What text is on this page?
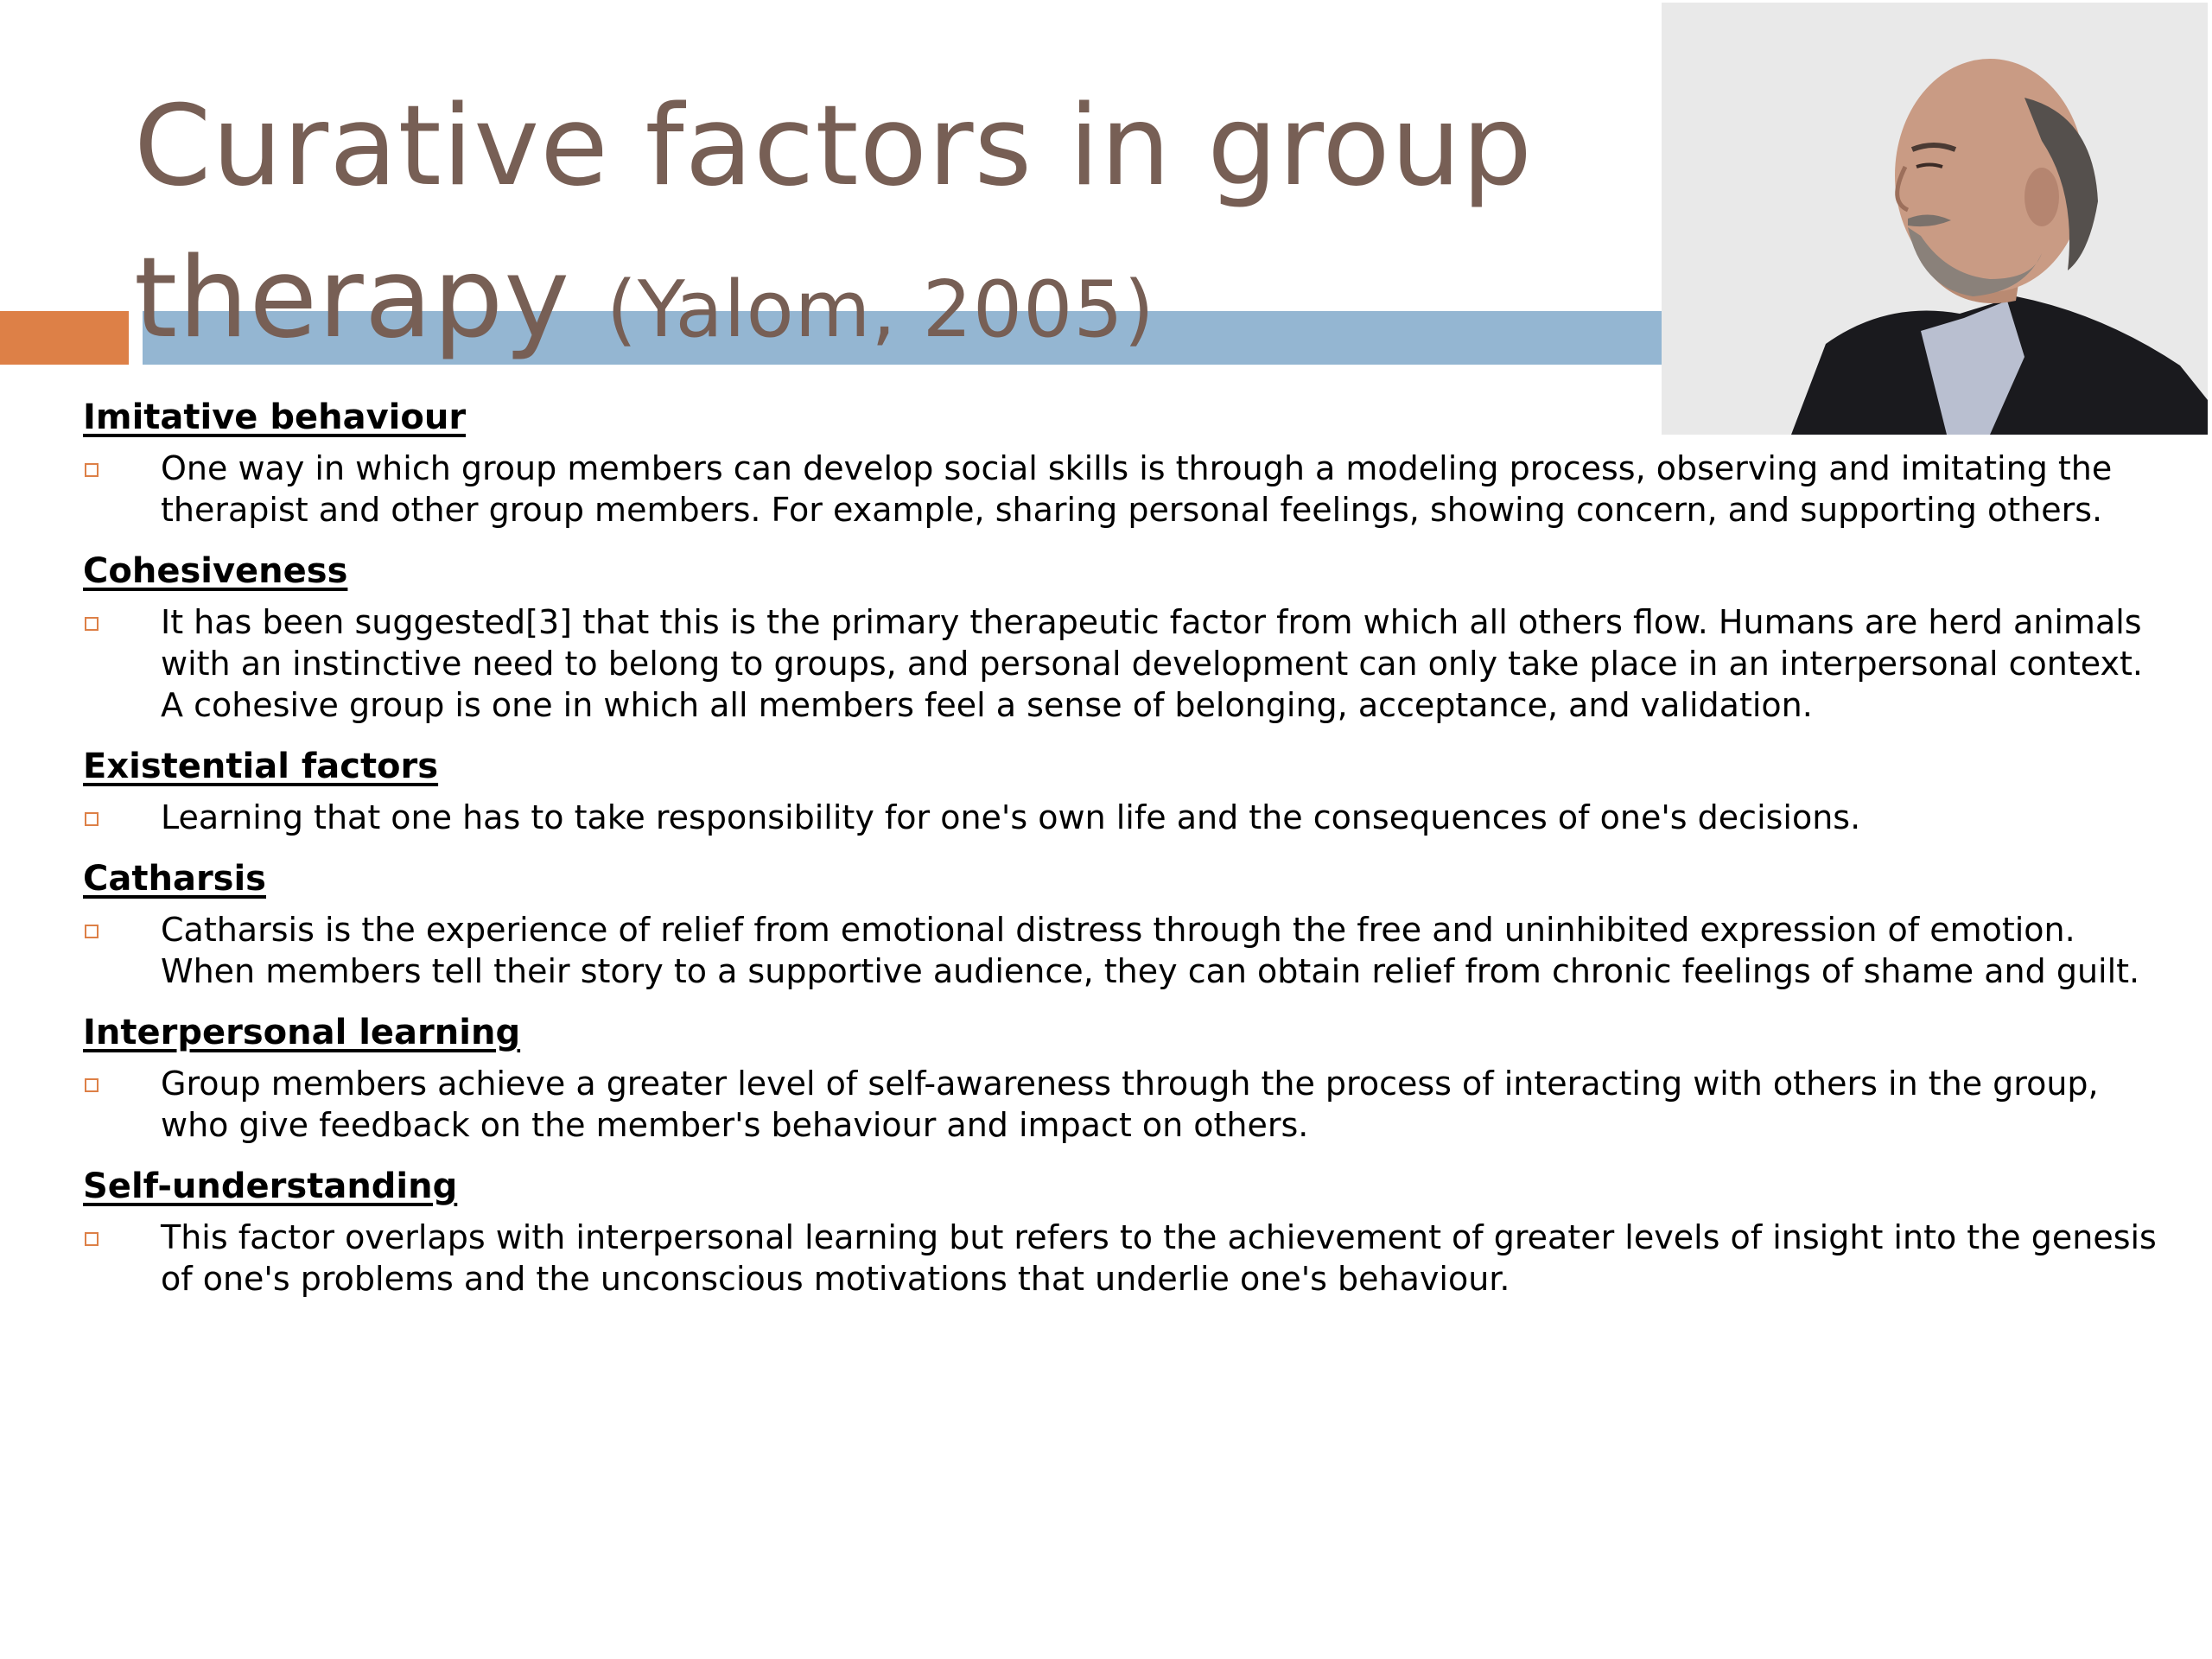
Curative factors in group therapy (Yalom, 2005)

Imitative behaviour

One way in which group members can develop social skills is through a modeling process, observing and imitating the therapist and other group members. For example, sharing personal feelings, showing concern, and supporting others.

Cohesiveness

It has been suggested[3] that this is the primary therapeutic factor from which all others flow. Humans are herd animals with an instinctive need to belong to groups, and personal development can only take place in an interpersonal context. A cohesive group is one in which all members feel a sense of belonging, acceptance, and validation.

Existential factors

Learning that one has to take responsibility for one's own life and the consequences of one's decisions.

Catharsis

Catharsis is the experience of relief from emotional distress through the free and uninhibited expression of emotion. When members tell their story to a supportive audience, they can obtain relief from chronic feelings of shame and guilt.

Interpersonal learning

Group members achieve a greater level of self-awareness through the process of interacting with others in the group, who give feedback on the member's behaviour and impact on others.

Self-understanding

This factor overlaps with interpersonal learning but refers to the achievement of greater levels of insight into the genesis of one's problems and the unconscious motivations that underlie one's behaviour.
